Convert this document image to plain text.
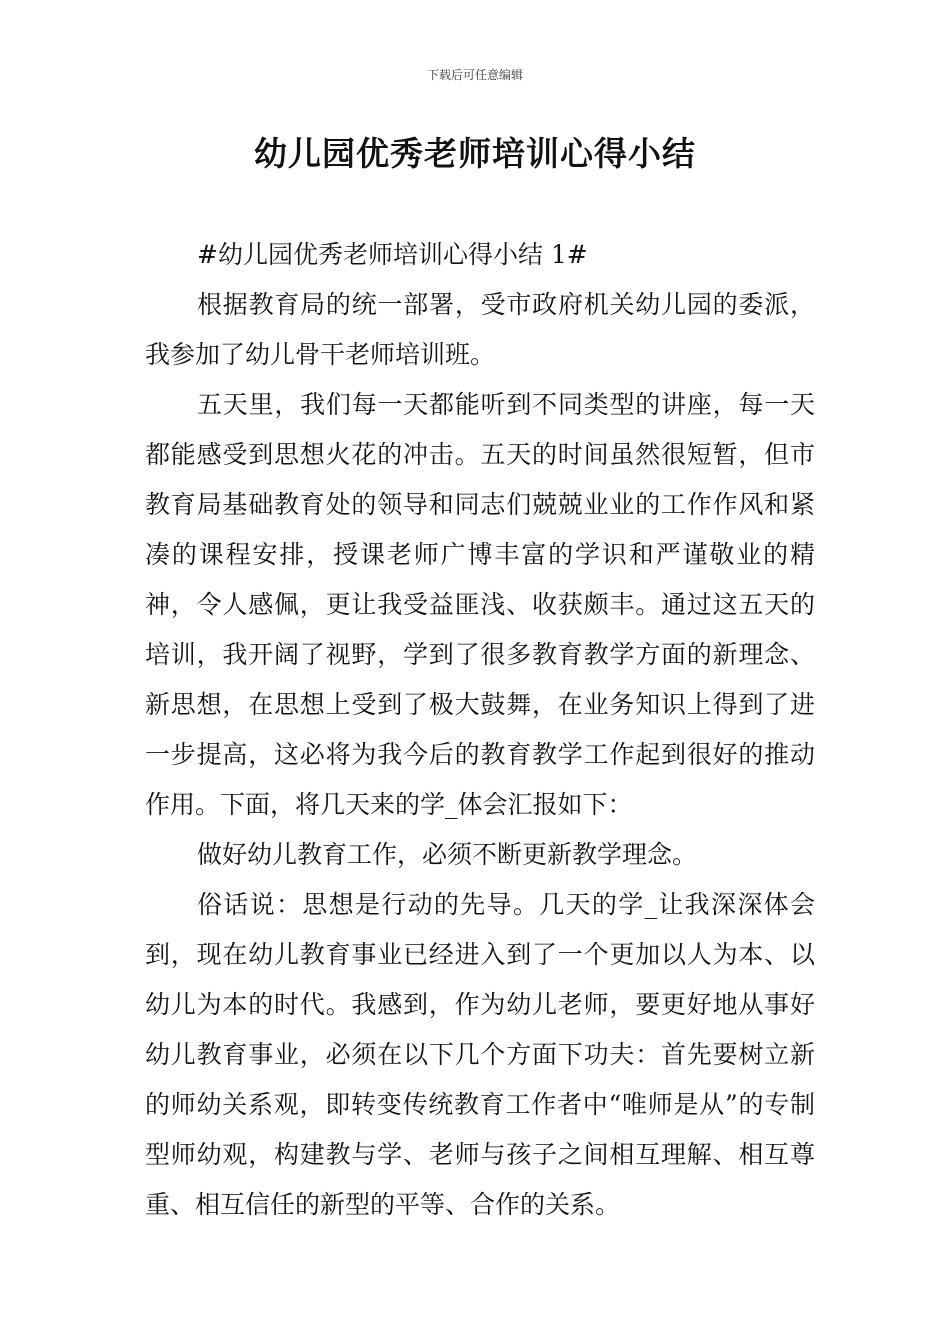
下载后可任意编辑
幼儿园优秀老师培训心得小结

#幼儿园优秀老师培训心得小结 1#

根据教育局的统一部署，受市政府机关幼儿园的委派，我参加了幼儿骨干老师培训班。

五天里，我们每一天都能听到不同类型的讲座，每一天都能感受到思想火花的冲击。五天的时间虽然很短暂，但市教育局基础教育处的领导和同志们兢兢业业的工作作风和紧凑的课程安排，授课老师广博丰富的学识和严谨敬业的精神，令人感佩，更让我受益匪浅、收获颇丰。通过这五天的培训，我开阔了视野，学到了很多教育教学方面的新理念、新思想，在思想上受到了极大鼓舞，在业务知识上得到了进一步提高，这必将为我今后的教育教学工作起到很好的推动作用。下面，将几天来的学_体会汇报如下：

做好幼儿教育工作，必须不断更新教学理念。

俗话说：思想是行动的先导。几天的学_让我深深体会到，现在幼儿教育事业已经进入到了一个更加以人为本、以幼儿为本的时代。我感到，作为幼儿老师，要更好地从事好幼儿教育事业，必须在以下几个方面下功夫：首先要树立新的师幼关系观，即转变传统教育工作者中“唯师是从”的专制型师幼观，构建教与学、老师与孩子之间相互理解、相互尊重、相互信任的新型的平等、合作的关系。
